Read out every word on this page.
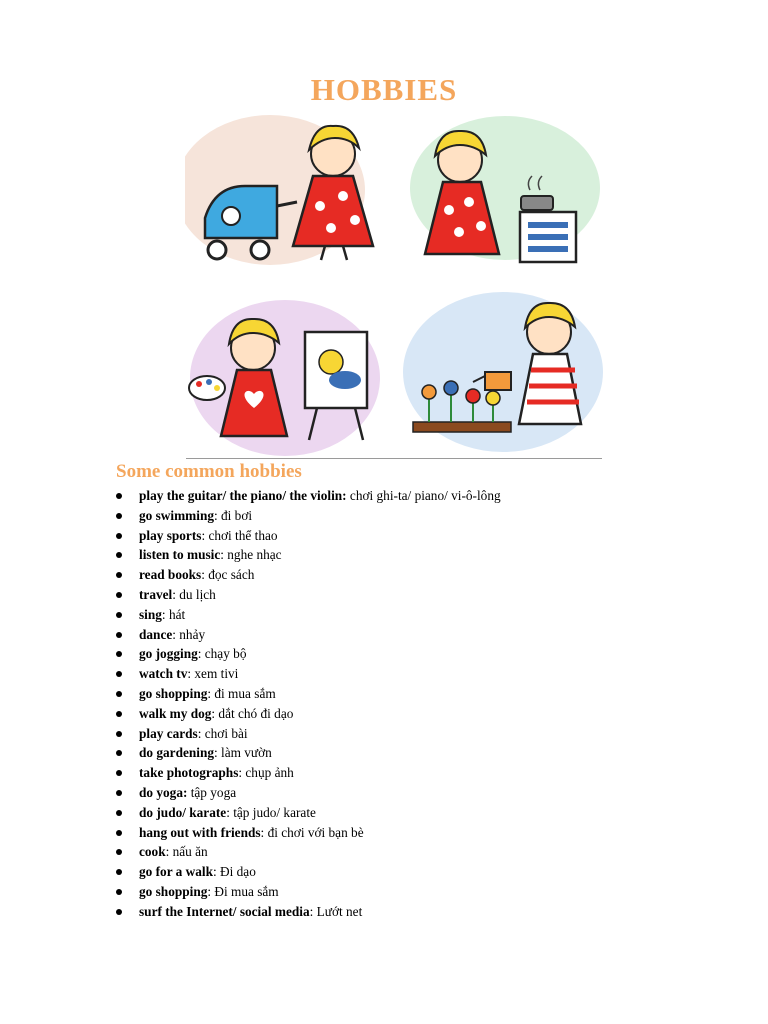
HOBBIES
Some common hobbies
play the guitar/ the piano/ the violin: chơi ghi-ta/ piano/ vi-ô-lông
go swimming: đi bơi
play sports: chơi thể thao
listen to music: nghe nhạc
read books: đọc sách
travel: du lịch
sing: hát
dance: nhảy
go jogging: chạy bộ
watch tv: xem tivi
go shopping: đi mua sắm
walk my dog: dắt chó đi dạo
play cards: chơi bài
do gardening: làm vườn
take photographs: chụp ảnh
do yoga: tập yoga
do judo/ karate: tập judo/ karate
hang out with friends: đi chơi với bạn bè
cook: nấu ăn
go for a walk: Đi dạo
go shopping: Đi mua sắm
surf the Internet/ social media: Lướt net
